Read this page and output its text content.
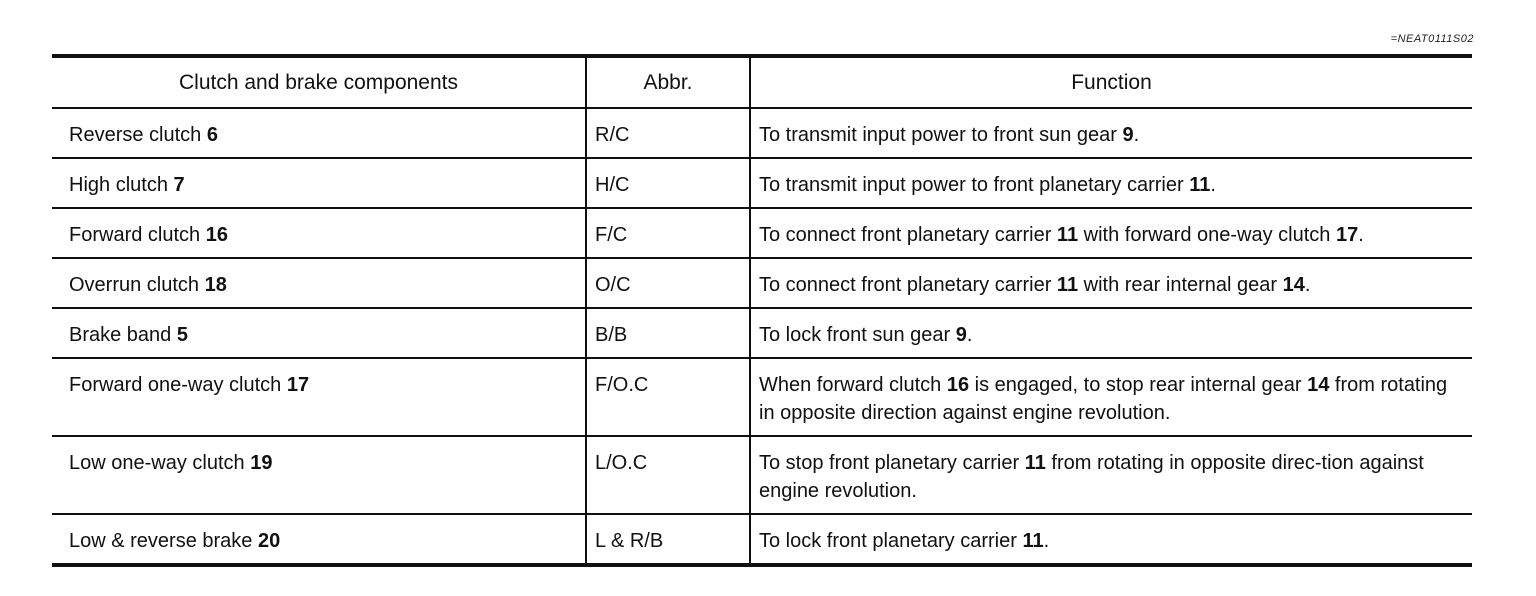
=NEAT0111S02
Clutch and brake components	Abbr.	Function
Reverse clutch 6	R/C	To transmit input power to front sun gear 9.
High clutch 7	H/C	To transmit input power to front planetary carrier 11.
Forward clutch 16	F/C	To connect front planetary carrier 11 with forward one-way clutch 17.
Overrun clutch 18	O/C	To connect front planetary carrier 11 with rear internal gear 14.
Brake band 5	B/B	To lock front sun gear 9.
Forward one-way clutch 17	F/O.C	When forward clutch 16 is engaged, to stop rear internal gear 14 from rotating in opposite direction against engine revolution.
Low one-way clutch 19	L/O.C	To stop front planetary carrier 11 from rotating in opposite direc-tion against engine revolution.
Low & reverse brake 20	L & R/B	To lock front planetary carrier 11.
